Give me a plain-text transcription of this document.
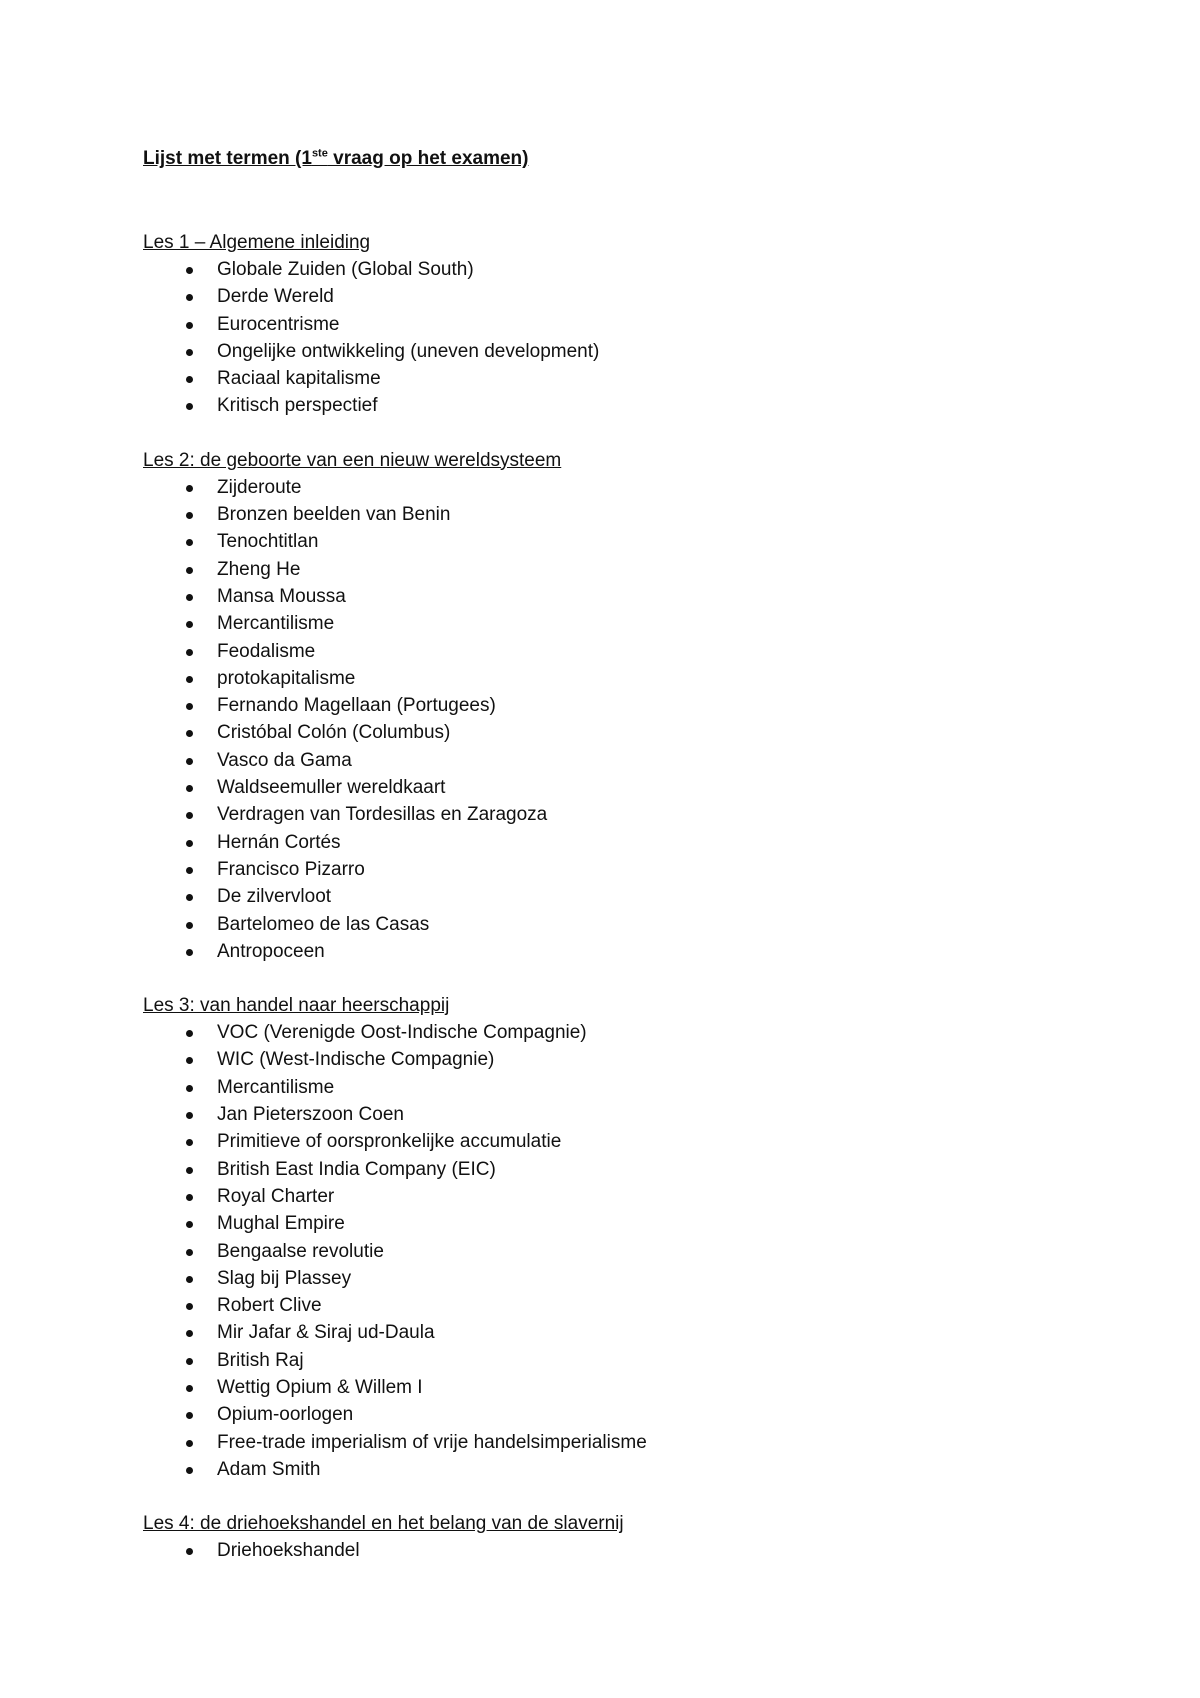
Lijst met termen (1ste vraag op het examen)
Les 1 – Algemene inleiding
Globale Zuiden (Global South)
Derde Wereld
Eurocentrisme
Ongelijke ontwikkeling (uneven development)
Raciaal kapitalisme
Kritisch perspectief
Les 2: de geboorte van een nieuw wereldsysteem
Zijderoute
Bronzen beelden van Benin
Tenochtitlan
Zheng He
Mansa Moussa
Mercantilisme
Feodalisme
protokapitalisme
Fernando Magellaan (Portugees)
Cristóbal Colón (Columbus)
Vasco da Gama
Waldseemuller wereldkaart
Verdragen van Tordesillas en Zaragoza
Hernán Cortés
Francisco Pizarro
De zilvervloot
Bartelomeo de las Casas
Antropoceen
Les 3: van handel naar heerschappij
VOC (Verenigde Oost-Indische Compagnie)
WIC (West-Indische Compagnie)
Mercantilisme
Jan Pieterszoon Coen
Primitieve of oorspronkelijke accumulatie
British East India Company (EIC)
Royal Charter
Mughal Empire
Bengaalse revolutie
Slag bij Plassey
Robert Clive
Mir Jafar & Siraj ud-Daula
British Raj
Wettig Opium & Willem I
Opium-oorlogen
Free-trade imperialism of vrije handelsimperialisme
Adam Smith
Les 4: de driehoekshandel en het belang van de slavernij
Driehoekshandel
